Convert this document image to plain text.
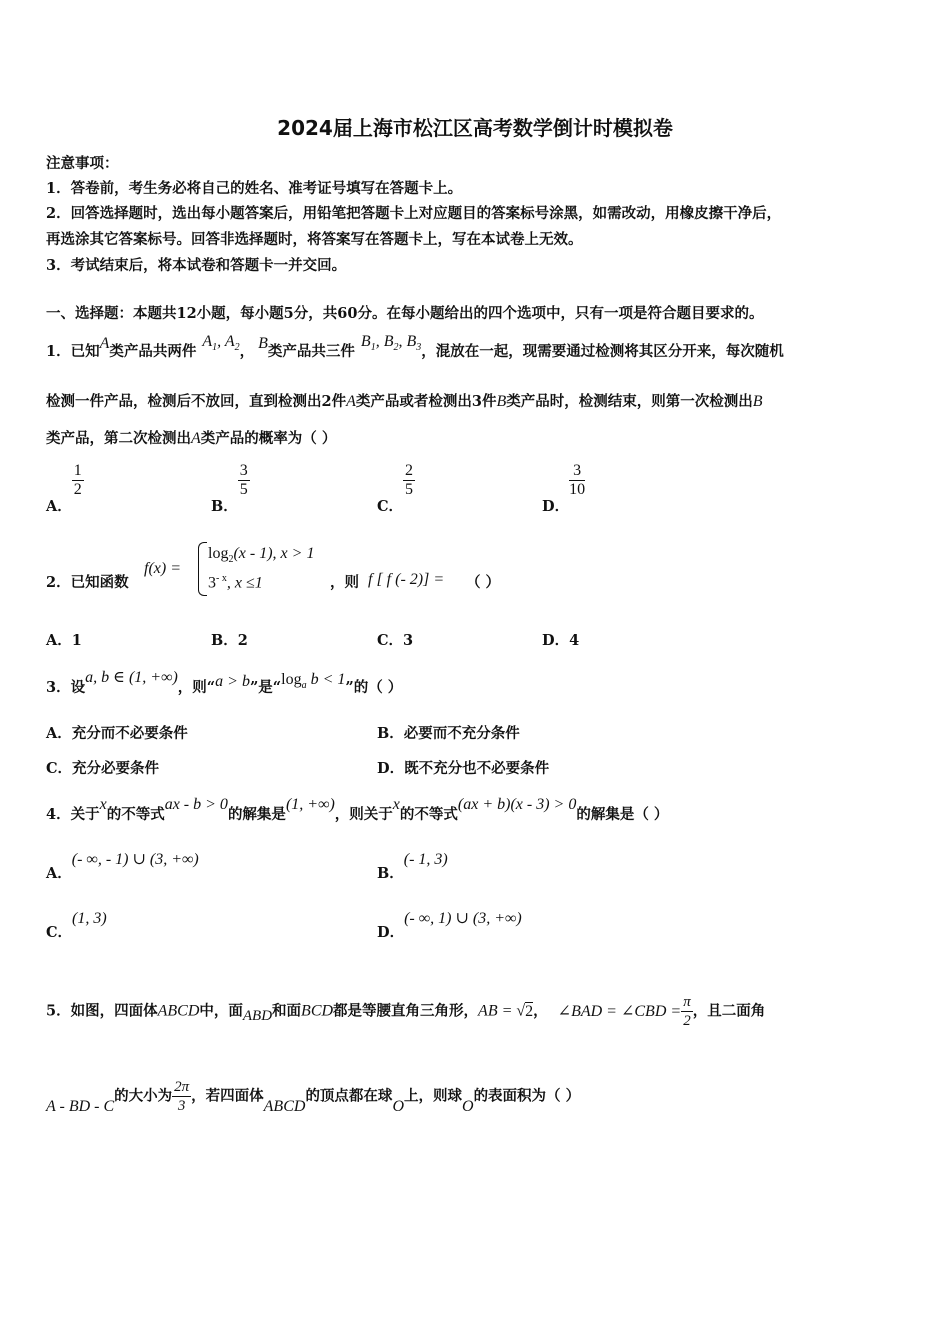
2024届上海市松江区高考数学倒计时模拟卷
注意事项：
1．答卷前，考生务必将自己的姓名、准考证号填写在答题卡上。
2．回答选择题时，选出每小题答案后，用铅笔把答题卡上对应题目的答案标号涂黑，如需改动，用橡皮擦干净后，
再选涂其它答案标号。回答非选择题时，将答案写在答题卡上，写在本试卷上无效。
3．考试结束后，将本试卷和答题卡一并交回。
一、选择题：本题共12小题，每小题5分，共60分。在每小题给出的四个选项中，只有一项是符合题目要求的。
1．已知A类产品共两件$A_1$, $A_2$， B类产品共三件$B_1$, $B_2$, $B_3$，混放在一起，现需要通过检测将其区分开来，每次随机
检测一件产品，检测后不放回，直到检测出2件A类产品或者检测出3件B类产品时，检测结束，则第一次检测出B
类产品，第二次检测出A类产品的概率为（ ）
A．
$\frac{1}{2}$
B．
$\frac{3}{5}$
C．
$\frac{2}{5}$
D．
$\frac{3}{10}$
2．已知函数
f(x) =
$\log_2(x - 1)$, x > 1
$3^{- x}$, x ≤1	，则 f [ f (- 2)] = （ ）
A．1	B．2	C．3	D．4
3．设a, b ∈ (1, +∞)，则“a > b”是“$\log_a$ b < 1”的（ ）
A．充分而不必要条件	B．必要而不充分条件
C．充分必要条件	D．既不充分也不必要条件
4．关于x的不等式ax - b > 0的解集是(1, +∞)，则关于x的不等式(ax + b)(x - 3) > 0的解集是（ ）
A．(- ∞, - 1) ∪ (3, +∞)
B．(- 1, 3)
C．(1, 3)
D．(- ∞, 1) ∪ (3, +∞)
5．如图，四面体ABCD中，面ABD和面BCD都是等腰直角三角形，AB = √2， ∠BAD = ∠CBD = $\frac{\pi}{2}$ ，且二面角
A - BD - C的大小为 $\frac{2\pi}{3}$ ，若四面体ABCD的顶点都在球O上，则球O的表面积为（ ）
